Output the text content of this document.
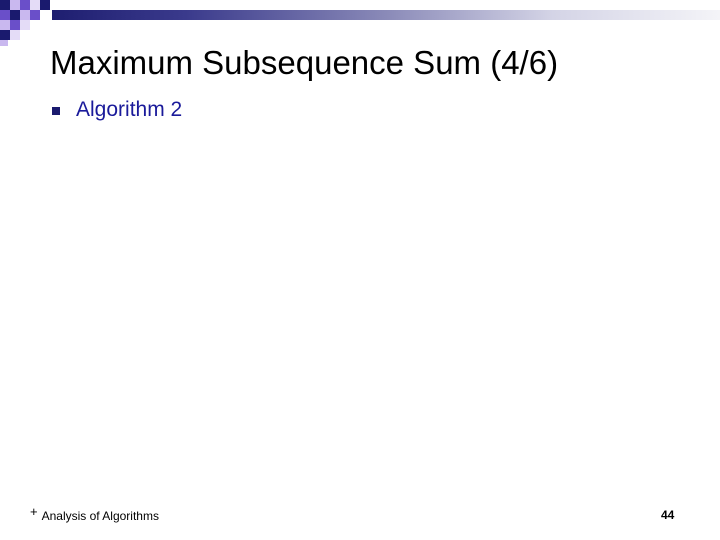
Maximum Subsequence Sum (4/6)
Algorithm 2
+ Analysis of Algorithms	44
